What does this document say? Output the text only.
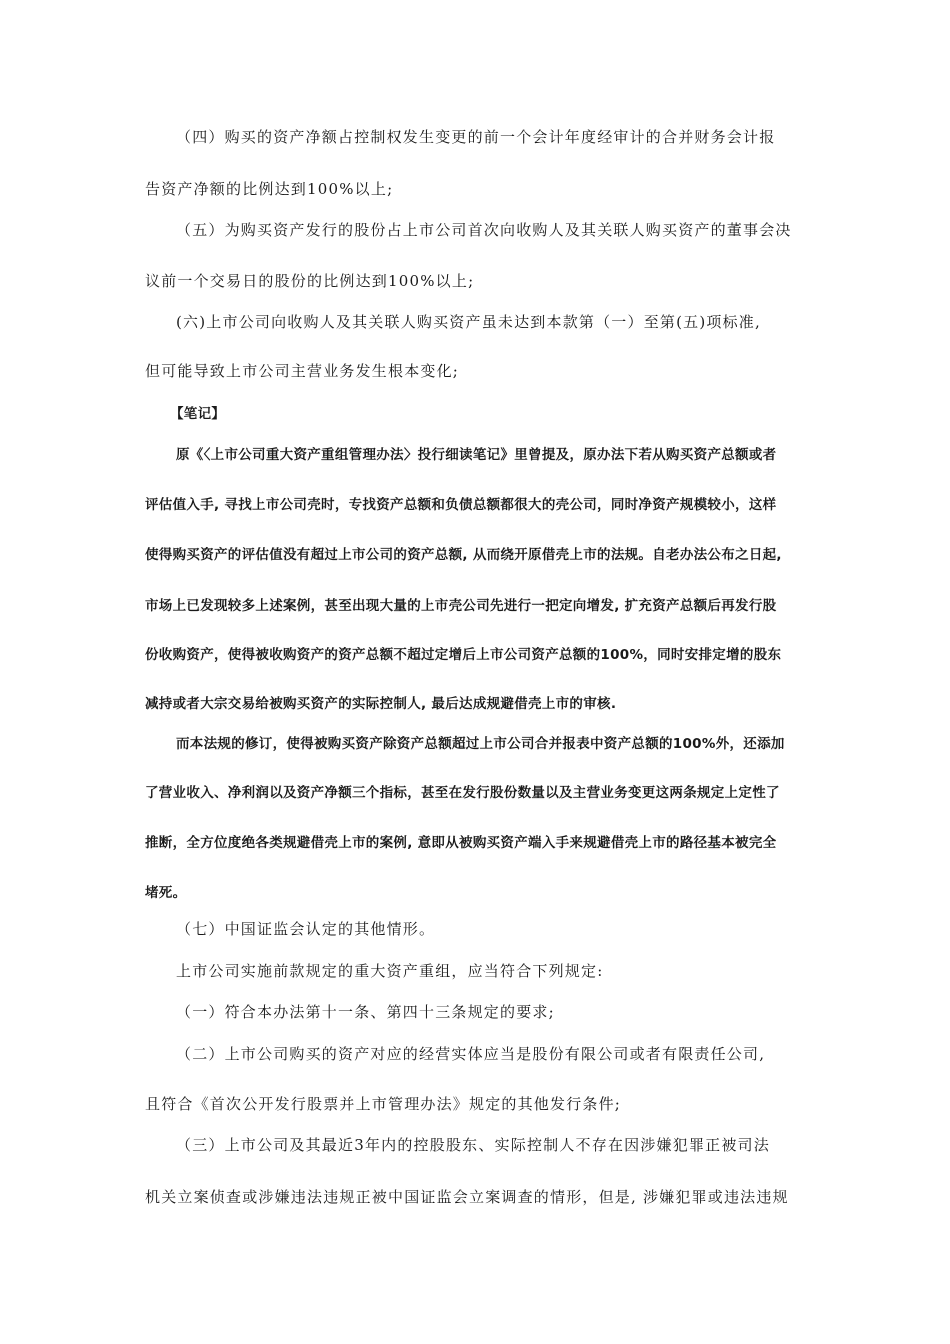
（四）购买的资产净额占控制权发生变更的前一个会计年度经审计的合并财务会计报
告资产净额的比例达到100%以上;
（五）为购买资产发行的股份占上市公司首次向收购人及其关联人购买资产的董事会决
议前一个交易日的股份的比例达到100%以上;
(六)上市公司向收购人及其关联人购买资产虽未达到本款第（一）至第(五)项标准,
但可能导致上市公司主营业务发生根本变化;
【笔记】
原《〈上市公司重大资产重组管理办法〉投行细读笔记》里曾提及，原办法下若从购买资产总额或者
评估值入手, 寻找上市公司壳时，专找资产总额和负债总额都很大的壳公司，同时净资产规模较小，这样
使得购买资产的评估值没有超过上市公司的资产总额, 从而绕开原借壳上市的法规。自老办法公布之日起,
市场上已发现较多上述案例，甚至出现大量的上市壳公司先进行一把定向增发, 扩充资产总额后再发行股
份收购资产，使得被收购资产的资产总额不超过定增后上市公司资产总额的100%，同时安排定增的股东
减持或者大宗交易给被购买资产的实际控制人, 最后达成规避借壳上市的审核.
而本法规的修订，使得被购买资产除资产总额超过上市公司合并报表中资产总额的100%外，还添加
了营业收入、净利润以及资产净额三个指标，甚至在发行股份数量以及主营业务变更这两条规定上定性了
推断，全方位度绝各类规避借壳上市的案例, 意即从被购买资产端入手来规避借壳上市的路径基本被完全
堵死。
（七）中国证监会认定的其他情形。
上市公司实施前款规定的重大资产重组，应当符合下列规定:
（一）符合本办法第十一条、第四十三条规定的要求;
（二）上市公司购买的资产对应的经营实体应当是股份有限公司或者有限责任公司,
且符合《首次公开发行股票并上市管理办法》规定的其他发行条件;
（三）上市公司及其最近3年内的控股股东、实际控制人不存在因涉嫌犯罪正被司法
机关立案侦查或涉嫌违法违规正被中国证监会立案调查的情形，但是, 涉嫌犯罪或违法违规
